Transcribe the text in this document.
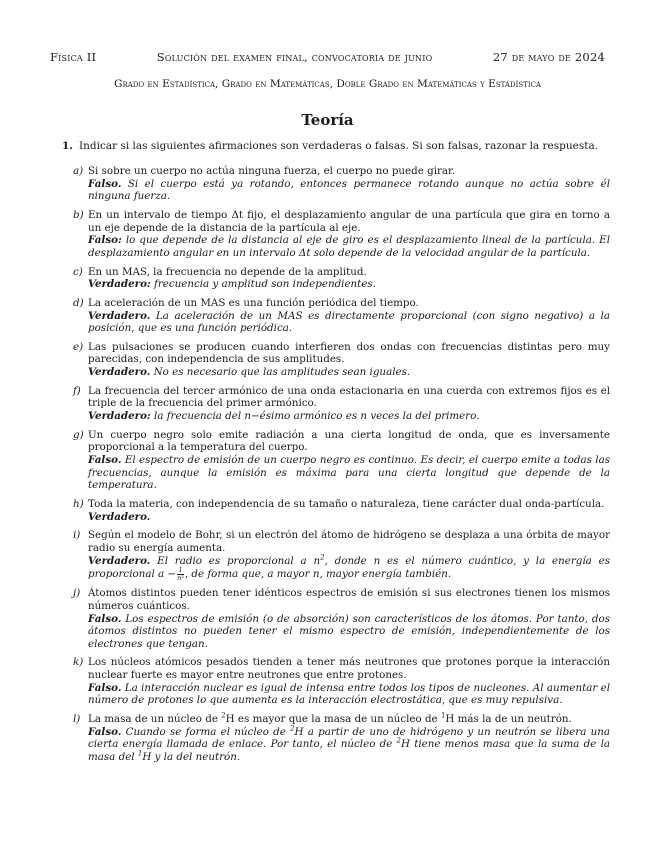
Física II	Solución del examen final, convocatoria de junio	27 de mayo de 2024
Grado en Estadística, Grado en Matemáticas, Doble Grado en Matemáticas y Estadística
Teoría
1. Indicar si las siguientes afirmaciones son verdaderas o falsas. Si son falsas, razonar la respuesta.
a) Si sobre un cuerpo no actúa ninguna fuerza, el cuerpo no puede girar.
Falso. Si el cuerpo está ya rotando, entonces permanece rotando aunque no actúa sobre él ninguna fuerza.
b) En un intervalo de tiempo Δt fijo, el desplazamiento angular de una partícula que gira en torno a un eje depende de la distancia de la partícula al eje.
Falso: lo que depende de la distancia al eje de giro es el desplazamiento lineal de la partícula. El desplazamiento angular en un intervalo Δt solo depende de la velocidad angular de la partícula.
c) En un MAS, la frecuencia no depende de la amplitud.
Verdadero: frecuencia y amplitud son independientes.
d) La aceleración de un MAS es una función periódica del tiempo.
Verdadero. La aceleración de un MAS es directamente proporcional (con signo negativo) a la posición, que es una función periódica.
e) Las pulsaciones se producen cuando interfieren dos ondas con frecuencias distintas pero muy parecidas, con independencia de sus amplitudes.
Verdadero. No es necesario que las amplitudes sean iguales.
f) La frecuencia del tercer armónico de una onda estacionaria en una cuerda con extremos fijos es el triple de la frecuencia del primer armónico.
Verdadero: la frecuencia del n−ésimo armónico es n veces la del primero.
g) Un cuerpo negro solo emite radiación a una cierta longitud de onda, que es inversamente proporcional a la temperatura del cuerpo.
Falso. El espectro de emisión de un cuerpo negro es continuo. Es decir, el cuerpo emite a todas las frecuencias, aunque la emisión es máxima para una cierta longitud que depende de la temperatura.
h) Toda la materia, con independencia de su tamaño o naturaleza, tiene carácter dual onda-partícula.
Verdadero.
i) Según el modelo de Bohr, si un electrón del átomo de hidrógeno se desplaza a una órbita de mayor radio su energía aumenta.
Verdadero. El radio es proporcional a $n^2$, donde n es el número cuántico, y la energía es proporcional $a - \frac{1}{\text{n²}}$ , de forma que, a mayor n, mayor energía también.
j) Átomos distintos pueden tener idénticos espectros de emisión si sus electrones tienen los mismos números cuánticos.
Falso. Los espectros de emisión (o de absorción) son característicos de los átomos. Por tanto, dos átomos distintos no pueden tener el mismo espectro de emisión, independientemente de los electrones que tengan.
k) Los núcleos atómicos pesados tienden a tener más neutrones que protones porque la interacción nuclear fuerte es mayor entre neutrones que entre protones.
Falso. La interacción nuclear es igual de intensa entre todos los tipos de nucleones. Al aumentar el número de protones lo que aumenta es la interacción electrostática, que es muy repulsiva.
l) La masa de un núcleo de $^2$H es mayor que la masa de un núcleo de $^1$H más la de un neutrón.
Falso. Cuando se forma el núcleo de $^2$H a partir de uno de hidrógeno y un neutrón se libera una cierta energía llamada de enlace. Por tanto, el núcleo de $^2$H tiene menos masa que la suma de la masa del $^1$H y la del neutrón.
